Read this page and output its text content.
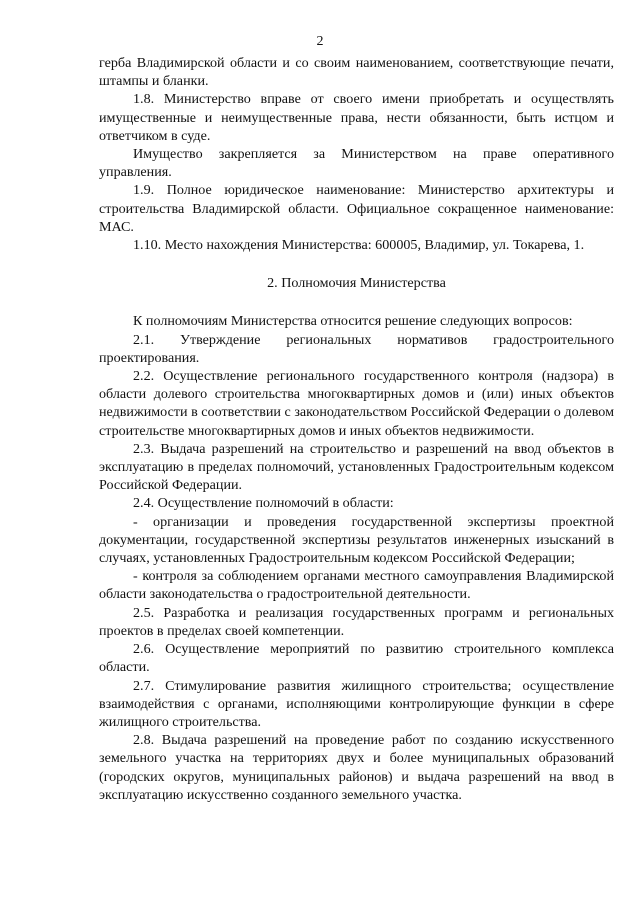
2

герба Владимирской области и со своим наименованием, соответствующие печати, штампы и бланки.

1.8. Министерство вправе от своего имени приобретать и осуществлять имущественные и неимущественные права, нести обязанности, быть истцом и ответчиком в суде.

Имущество закрепляется за Министерством на праве оперативного управления.

1.9. Полное юридическое наименование: Министерство архитектуры и строительства Владимирской области. Официальное сокращенное наименование: МАС.

1.10. Место нахождения Министерства: 600005, Владимир, ул. Токарева, 1.

2. Полномочия Министерства

К полномочиям Министерства относится решение следующих вопросов:

2.1. Утверждение региональных нормативов градостроительного проектирования.

2.2. Осуществление регионального государственного контроля (надзора) в области долевого строительства многоквартирных домов и (или) иных объектов недвижимости в соответствии с законодательством Российской Федерации о долевом строительстве многоквартирных домов и иных объектов недвижимости.

2.3. Выдача разрешений на строительство и разрешений на ввод объектов в эксплуатацию в пределах полномочий, установленных Градостроительным кодексом Российской Федерации.

2.4. Осуществление полномочий в области:

- организации и проведения государственной экспертизы проектной документации, государственной экспертизы результатов инженерных изысканий в случаях, установленных Градостроительным кодексом Российской Федерации;

- контроля за соблюдением органами местного самоуправления Владимирской области законодательства о градостроительной деятельности.

2.5. Разработка и реализация государственных программ и региональных проектов в пределах своей компетенции.

2.6. Осуществление мероприятий по развитию строительного комплекса области.

2.7. Стимулирование развития жилищного строительства; осуществление взаимодействия с органами, исполняющими контролирующие функции в сфере жилищного строительства.

2.8. Выдача разрешений на проведение работ по созданию искусственного земельного участка на территориях двух и более муниципальных образований (городских округов, муниципальных районов) и выдача разрешений на ввод в эксплуатацию искусственно созданного земельного участка.
